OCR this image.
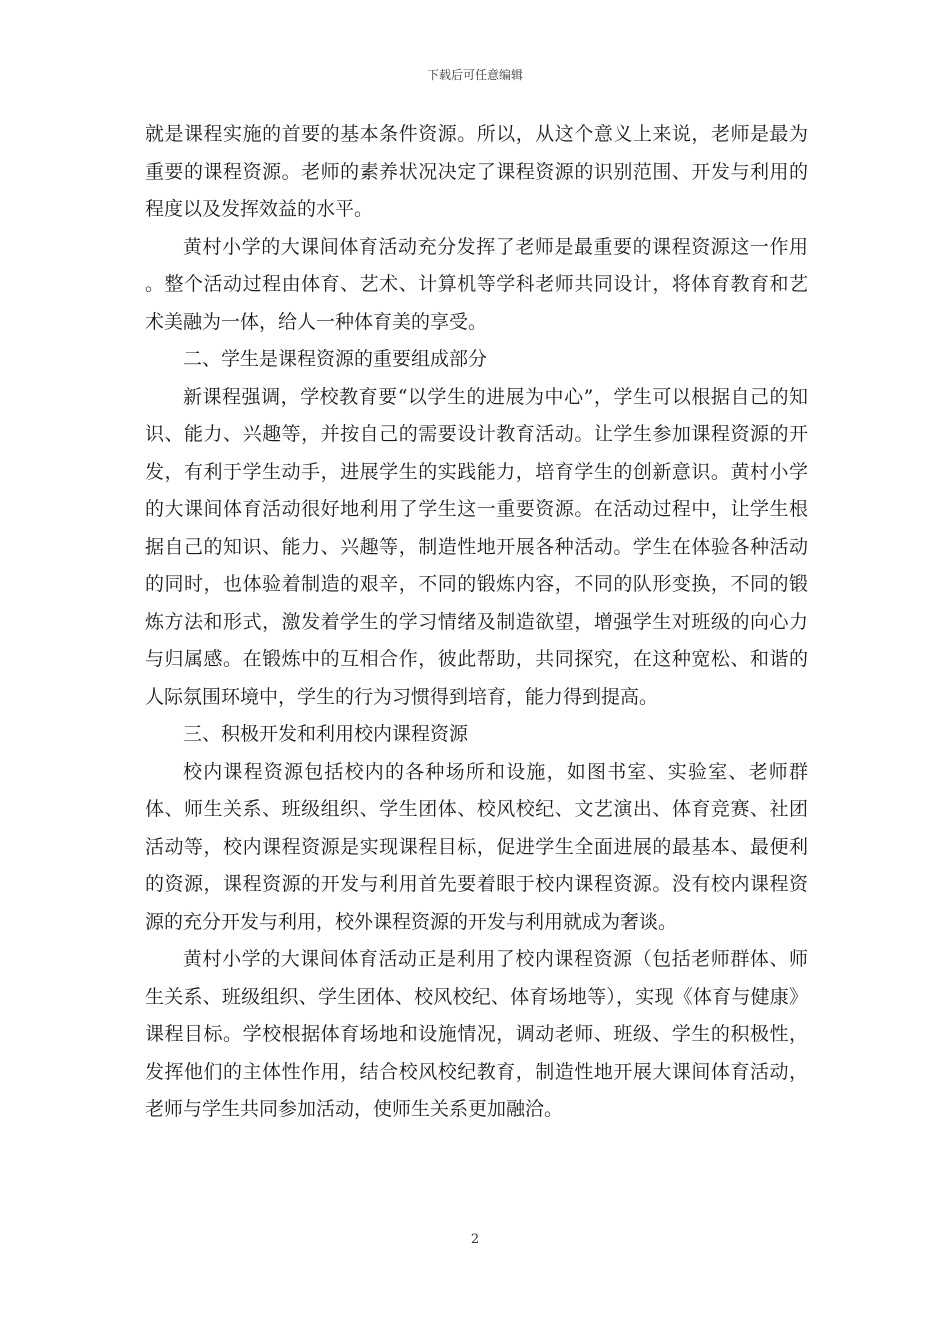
下载后可任意编辑

就是课程实施的首要的基本条件资源。所以，从这个意义上来说，老师是最为重要的课程资源。老师的素养状况决定了课程资源的识别范围、开发与利用的程度以及发挥效益的水平。

黄村小学的大课间体育活动充分发挥了老师是最重要的课程资源这一作用 。整个活动过程由体育、艺术、计算机等学科老师共同设计，将体育教育和艺术美融为一体，给人一种体育美的享受。

二、学生是课程资源的重要组成部分

新课程强调，学校教育要“以学生的进展为中心”，学生可以根据自己的知识、能力、兴趣等，并按自己的需要设计教育活动。让学生参加课程资源的开发，有利于学生动手，进展学生的实践能力，培育学生的创新意识。黄村小学的大课间体育活动很好地利用了学生这一重要资源。在活动过程中，让学生根据自己的知识、能力、兴趣等，制造性地开展各种活动。学生在体验各种活动的同时，也体验着制造的艰辛，不同的锻炼内容，不同的队形变换，不同的锻炼方法和形式，激发着学生的学习情绪及制造欲望，增强学生对班级的向心力与归属感。在锻炼中的互相合作，彼此帮助，共同探究，在这种宽松、和谐的人际氛围环境中，学生的行为习惯得到培育，能力得到提高。

三、积极开发和利用校内课程资源

校内课程资源包括校内的各种场所和设施，如图书室、实验室、老师群体、师生关系、班级组织、学生团体、校风校纪、文艺演出、体育竞赛、社团活动等，校内课程资源是实现课程目标，促进学生全面进展的最基本、最便利的资源，课程资源的开发与利用首先要着眼于校内课程资源。没有校内课程资源的充分开发与利用，校外课程资源的开发与利用就成为奢谈。

黄村小学的大课间体育活动正是利用了校内课程资源（包括老师群体、师生关系、班级组织、学生团体、校风校纪、体育场地等），实现《体育与健康》课程目标。学校根据体育场地和设施情况，调动老师、班级、学生的积极性，发挥他们的主体性作用，结合校风校纪教育，制造性地开展大课间体育活动，老师与学生共同参加活动，使师生关系更加融洽。

2
